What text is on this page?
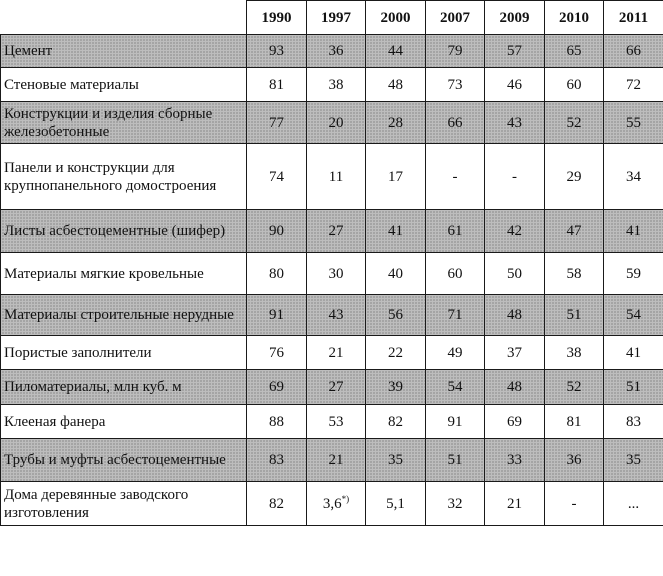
	1990	1997	2000	2007	2009	2010	2011
Цемент	93	36	44	79	57	65	66
Стеновые материалы	81	38	48	73	46	60	72
Конструкции и изделия сборные железобетонные	77	20	28	66	43	52	55
Панели и конструкции для крупнопанельного домостроения	74	11	17	-	-	29	34
Листы асбестоцементные (шифер)	90	27	41	61	42	47	41
Материалы мягкие кровельные	80	30	40	60	50	58	59
Материалы строительные нерудные	91	43	56	71	48	51	54
Пористые заполнители	76	21	22	49	37	38	41
Пиломатериалы, млн куб. м	69	27	39	54	48	52	51
Клееная фанера	88	53	82	91	69	81	83
Трубы и муфты асбестоцементные	83	21	35	51	33	36	35
Дома деревянные заводского изготовления	82	3,6*)	5,1	32	21	-	...
